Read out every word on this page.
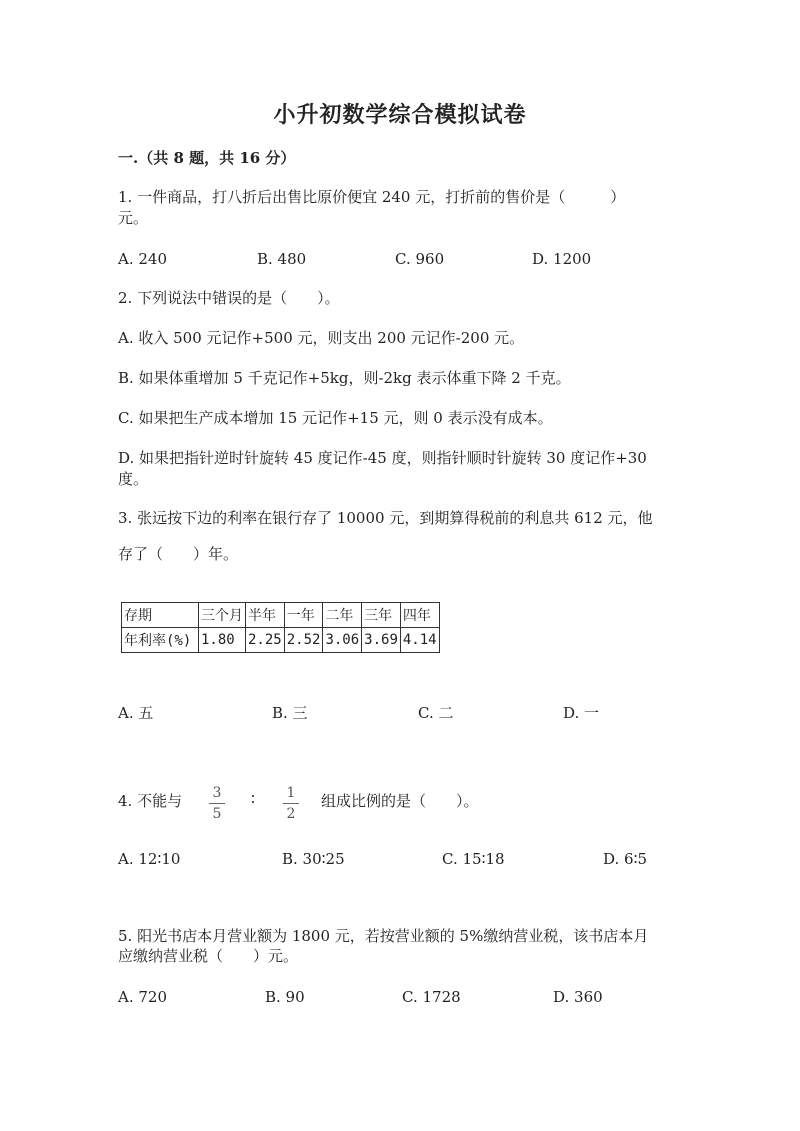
小升初数学综合模拟试卷
一.（共 8 题，共 16 分）
1. 一件商品，打八折后出售比原价便宜 240 元，打折前的售价是（　　　）
元。
A. 240	B. 480	C. 960	D. 1200
2. 下列说法中错误的是（　　）。
A. 收入 500 元记作+500 元，则支出 200 元记作-200 元。
B. 如果体重增加 5 千克记作+5kg，则-2kg 表示体重下降 2 千克。
C. 如果把生产成本增加 15 元记作+15 元，则 0 表示没有成本。
D. 如果把指针逆时针旋转 45 度记作-45 度，则指针顺时针旋转 30 度记作+30
度。
3. 张远按下边的利率在银行存了 10000 元，到期算得税前的利息共 612 元，他
存了（　　）年。
存期	三个月	半年	一年	二年	三年	四年
年利率(%)	1.80	2.25	2.52	3.06	3.69	4.14
A. 五	B. 三	C. 二	D. 一
4. 不能与 3
5
∶ 1
2
组成比例的是（　　）。
A. 12∶10	B. 30∶25	C. 15∶18	D. 6∶5
5. 阳光书店本月营业额为 1800 元，若按营业额的 5%缴纳营业税，该书店本月
应缴纳营业税（　　）元。
A. 720	B. 90	C. 1728	D. 360
